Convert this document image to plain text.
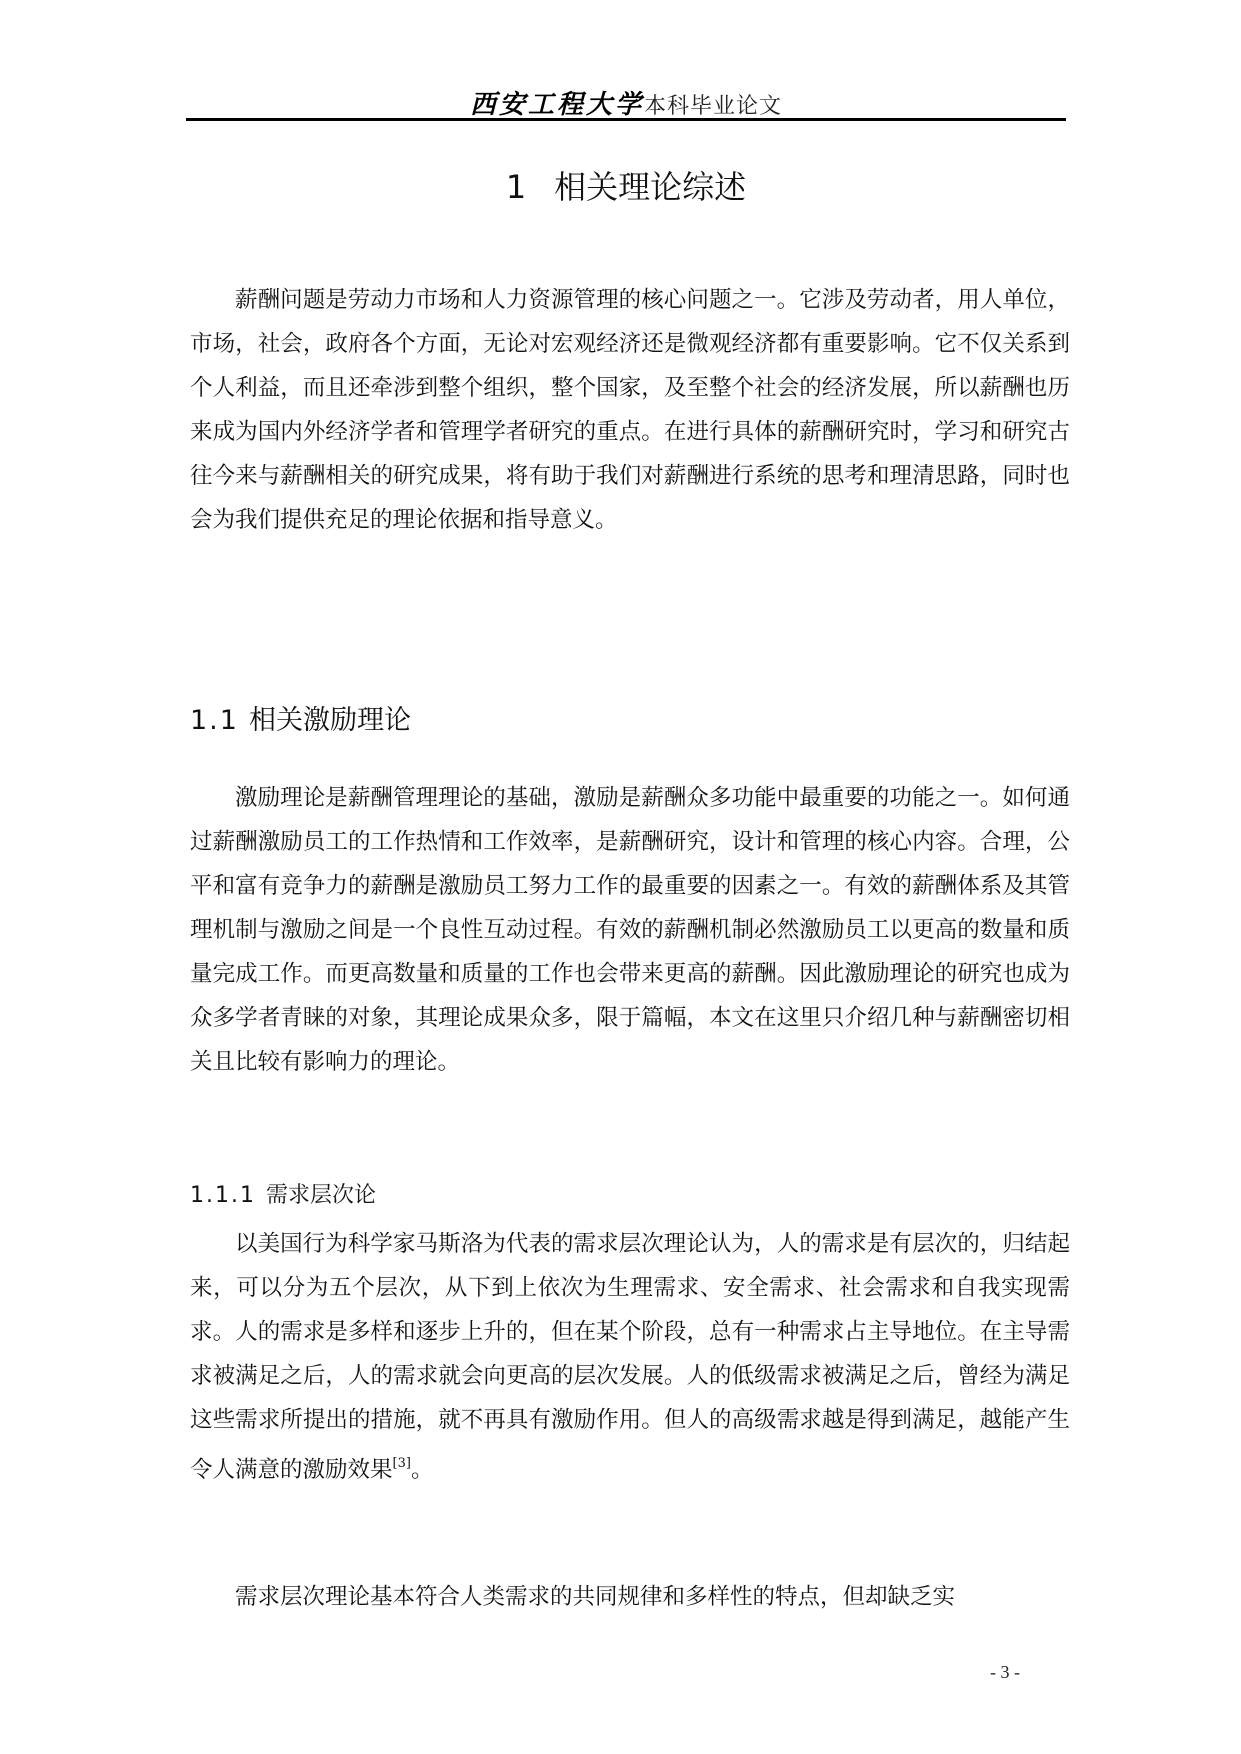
西安工程大学本科毕业论文
1 相关理论综述

薪酬问题是劳动力市场和人力资源管理的核心问题之一。它涉及劳动者，用人单位，市场，社会，政府各个方面，无论对宏观经济还是微观经济都有重要影响。它不仅关系到个人利益，而且还牵涉到整个组织，整个国家，及至整个社会的经济发展，所以薪酬也历来成为国内外经济学者和管理学者研究的重点。在进行具体的薪酬研究时，学习和研究古往今来与薪酬相关的研究成果，将有助于我们对薪酬进行系统的思考和理清思路，同时也会为我们提供充足的理论依据和指导意义。

1.1 相关激励理论

激励理论是薪酬管理理论的基础，激励是薪酬众多功能中最重要的功能之一。如何通过薪酬激励员工的工作热情和工作效率，是薪酬研究，设计和管理的核心内容。合理，公平和富有竞争力的薪酬是激励员工努力工作的最重要的因素之一。有效的薪酬体系及其管理机制与激励之间是一个良性互动过程。有效的薪酬机制必然激励员工以更高的数量和质量完成工作。而更高数量和质量的工作也会带来更高的薪酬。因此激励理论的研究也成为众多学者青睐的对象，其理论成果众多，限于篇幅，本文在这里只介绍几种与薪酬密切相关且比较有影响力的理论。

1.1.1 需求层次论

以美国行为科学家马斯洛为代表的需求层次理论认为，人的需求是有层次的，归结起来，可以分为五个层次，从下到上依次为生理需求、安全需求、社会需求和自我实现需求。人的需求是多样和逐步上升的，但在某个阶段，总有一种需求占主导地位。在主导需求被满足之后，人的需求就会向更高的层次发展。人的低级需求被满足之后，曾经为满足这些需求所提出的措施，就不再具有激励作用。但人的高级需求越是得到满足，越能产生令人满意的激励效果[3]。

需求层次理论基本符合人类需求的共同规律和多样性的特点，但却缺乏实

- 3 -
